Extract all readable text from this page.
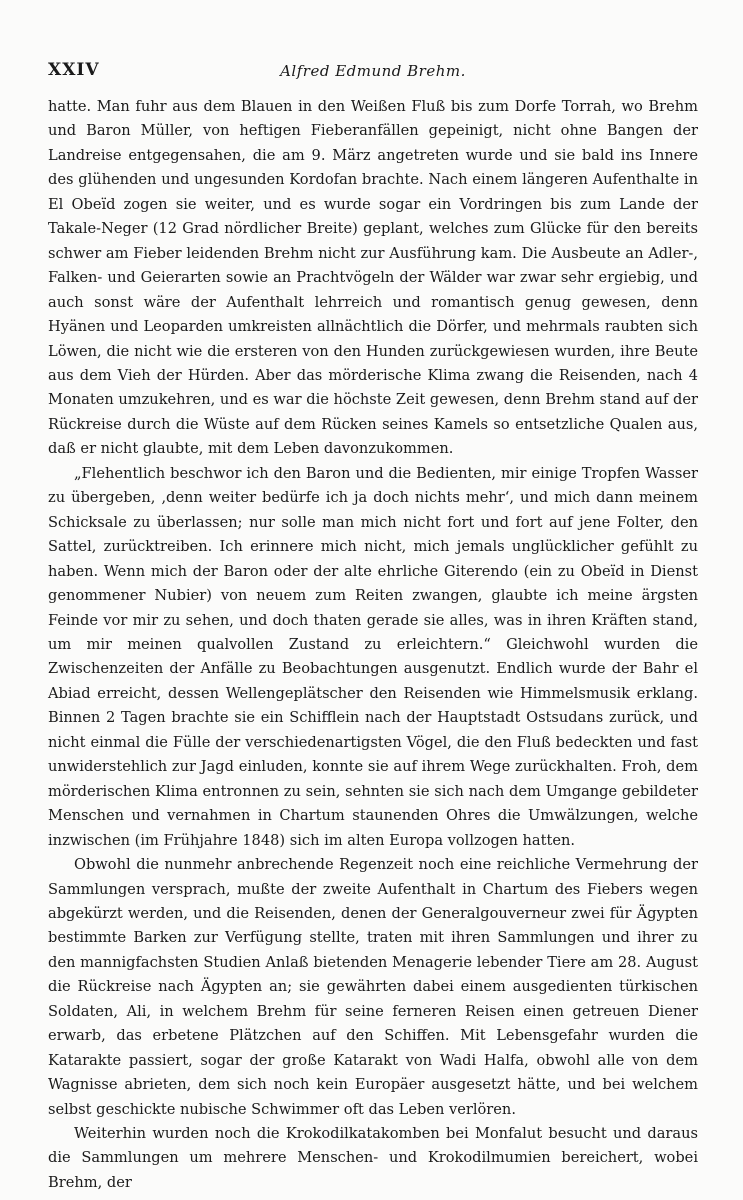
XXIV	Alfred Edmund Brehm.

hatte. Man fuhr aus dem Blauen in den Weißen Fluß bis zum Dorfe Torrah, wo Brehm und Baron Müller, von heftigen Fieberanfällen gepeinigt, nicht ohne Bangen der Landreise entgegensahen, die am 9. März angetreten wurde und sie bald ins Innere des glühenden und ungesunden Kordofan brachte. Nach einem längeren Aufenthalte in El Obeïd zogen sie weiter, und es wurde sogar ein Vordringen bis zum Lande der Takale-Neger (12 Grad nördlicher Breite) geplant, welches zum Glücke für den bereits schwer am Fieber leidenden Brehm nicht zur Ausführung kam. Die Ausbeute an Adler-, Falken- und Geierarten sowie an Prachtvögeln der Wälder war zwar sehr ergiebig, und auch sonst wäre der Aufenthalt lehrreich und romantisch genug gewesen, denn Hyänen und Leoparden umkreisten allnächtlich die Dörfer, und mehrmals raubten sich Löwen, die nicht wie die ersteren von den Hunden zurückgewiesen wurden, ihre Beute aus dem Vieh der Hürden. Aber das mörderische Klima zwang die Reisenden, nach 4 Monaten umzukehren, und es war die höchste Zeit gewesen, denn Brehm stand auf der Rückreise durch die Wüste auf dem Rücken seines Kamels so entsetzliche Qualen aus, daß er nicht glaubte, mit dem Leben davonzukommen.

„Flehentlich beschwor ich den Baron und die Bedienten, mir einige Tropfen Wasser zu übergeben, ‚denn weiter bedürfe ich ja doch nichts mehr‘, und mich dann meinem Schicksale zu überlassen; nur solle man mich nicht fort und fort auf jene Folter, den Sattel, zurücktreiben. Ich erinnere mich nicht, mich jemals unglücklicher gefühlt zu haben. Wenn mich der Baron oder der alte ehrliche Giterendo (ein zu Obeïd in Dienst genommener Nubier) von neuem zum Reiten zwangen, glaubte ich meine ärgsten Feinde vor mir zu sehen, und doch thaten gerade sie alles, was in ihren Kräften stand, um mir meinen qualvollen Zustand zu erleichtern.“ Gleichwohl wurden die Zwischenzeiten der Anfälle zu Beobachtungen ausgenutzt. Endlich wurde der Bahr el Abiad erreicht, dessen Wellengeplätscher den Reisenden wie Himmelsmusik erklang. Binnen 2 Tagen brachte sie ein Schifflein nach der Hauptstadt Ostsudans zurück, und nicht einmal die Fülle der verschiedenartigsten Vögel, die den Fluß bedeckten und fast unwiderstehlich zur Jagd einluden, konnte sie auf ihrem Wege zurückhalten. Froh, dem mörderischen Klima entronnen zu sein, sehnten sie sich nach dem Umgange gebildeter Menschen und vernahmen in Chartum staunenden Ohres die Umwälzungen, welche inzwischen (im Frühjahre 1848) sich im alten Europa vollzogen hatten.

Obwohl die nunmehr anbrechende Regenzeit noch eine reichliche Vermehrung der Sammlungen versprach, mußte der zweite Aufenthalt in Chartum des Fiebers wegen abgekürzt werden, und die Reisenden, denen der Generalgouverneur zwei für Ägypten bestimmte Barken zur Verfügung stellte, traten mit ihren Sammlungen und ihrer zu den mannigfachsten Studien Anlaß bietenden Menagerie lebender Tiere am 28. August die Rückreise nach Ägypten an; sie gewährten dabei einem ausgedienten türkischen Soldaten, Ali, in welchem Brehm für seine ferneren Reisen einen getreuen Diener erwarb, das erbetene Plätzchen auf den Schiffen. Mit Lebensgefahr wurden die Katarakte passiert, sogar der große Katarakt von Wadi Halfa, obwohl alle von dem Wagnisse abrieten, dem sich noch kein Europäer ausgesetzt hätte, und bei welchem selbst geschickte nubische Schwimmer oft das Leben verlören.

Weiterhin wurden noch die Krokodilkatakomben bei Monfalut besucht und daraus die Sammlungen um mehrere Menschen- und Krokodilmumien bereichert, wobei Brehm, der
